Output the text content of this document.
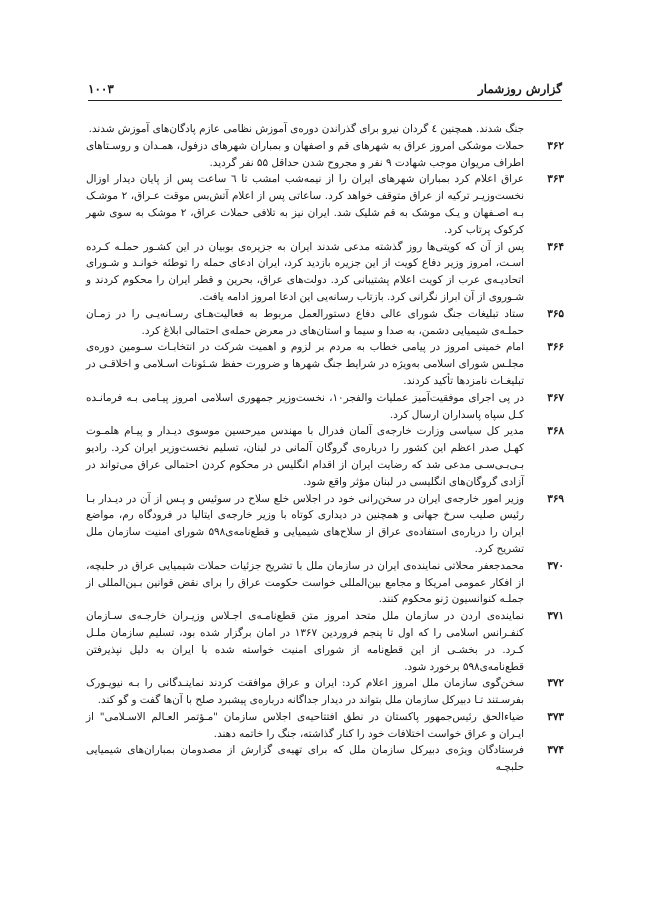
گزارش روزشمار
۱۰۰۳

جنگ شدند. همچنین ٤ گردان نیرو برای گذراندن دوره‌ی آموزش نظامی عازم پادگان‌های آموزش شدند.

۳۶۲
حملات موشکی امروز عراق به شهرهای قم و اصفهان و بمباران شهرهای دزفول، همـدان و روسـتاهای اطراف مریوان موجب شهادت ۹ نفر و مجروح شدن حداقل ۵۵ نفر گردید.
۳۶۳
عراق اعلام کرد بمباران شهرهای ایران را از نیمه‌شب امشب تا ٦ ساعت پس از پایان دیدار اوزال نخست‌وزیـر ترکیه از عراق متوقف خواهد کرد. ساعاتی پس از اعلام آتش‌بس موقت عـراق، ۲ موشـک بـه اصـفهان و یـک موشک به قم شلیک شد. ایران نیز به تلافی حملات عراق، ۲ موشک به سوی شهر کرکوک پرتاب کرد.
۳۶۴
پس از آن که کویتی‌ها روز گذشته مدعی شدند ایران به جزیره‌ی بوبیان در این کشـور حملـه کـرده اسـت، امروز وزیر دفاع کویت از این جزیره بازدید کرد، ایران ادعای حمله را توطئه خوانـد و شـورای اتحادیـه‌ی عرب از کویت اعلام پشتیبانی کرد. دولت‌های عراق، بحرین و قطر ایران را محکوم کردند و شـوروی از آن ابراز نگرانی کرد. بازتاب رسانه‌یی این ادعا امروز ادامه یافت.
۳۶۵
ستاد تبلیغات جنگ شورای عالی دفاع دستورالعمل مربوط به فعالیت‌هـای رسـانه‌یـی را در زمـان حملـه‌ی شیمیایی دشمن، به صدا و سیما و استان‌های در معرض حمله‌ی احتمالی ابلاغ کرد.
۳۶۶
امام خمینی امروز در پیامی خطاب به مردم بر لزوم و اهمیت شرکت در انتخابـات سـومین دوره‌ی مجلـس شورای اسلامی به‌ویژه در شرایط جنگ شهرها و ضرورت حفظ شـئونات اسـلامی و اخلاقـی در تبلیغـات نامزدها تأکید کردند.
۳۶۷
در پی اجرای موفقیت‌آمیز عملیات والفجر۱۰، نخست‌وزیر جمهوری اسلامی امروز پیـامی بـه فرمانـده کـل سپاه پاسداران ارسال کرد.
۳۶۸
مدیر کل سیاسی وزارت خارجه‌ی آلمان فدرال با مهندس میرحسین موسوی دیـدار و پیـام هلمـوت کهـل صدر اعظم این کشور را درباره‌ی گروگان آلمانی در لبنان، تسلیم نخست‌وزیر ایران کرد. رادیو بـی‌بـی‌سـی مدعی شد که رضایت ایران از اقدام انگلیس در محکوم کردن احتمالی عراق می‌تواند در آزادی گروگان‌های انگلیسی در لبنان مؤثر واقع شود.
۳۶۹
وزیر امور خارجه‌ی ایران در سخن‌رانی خود در اجلاس خلع سلاح در سوئیس و پـس از آن در دیـدار بـا رئیس صلیب سرخ جهانی و همچنین در دیداری کوتاه با وزیر خارجه‌ی ایتالیا در فرودگاه رم، مواضع ایران را درباره‌ی استفاده‌ی عراق از سلاح‌های شیمیایی و قطع‌نامه‌ی۵۹۸ شورای امنیت سازمان ملل تشریح کرد.
۳۷۰
محمدجعفر محلاتی نماینده‌ی ایران در سازمان ملل با تشریح جزئیات حملات شیمیایی عراق در حلبچه، از افکار عمومی امریکا و مجامع بین‌المللی خواست حکومت عراق را برای نقض قوانین بـین‌المللی از جملـه کنوانسیون ژنو محکوم کنند.
۳۷۱
نماینده‌ی اردن در سازمان ملل متحد امروز متن قطع‌نامـه‌ی اجـلاس وزیـران خارجـه‌ی سـازمان کنفـرانس اسلامی را که اول تا پنجم فروردین ۱۳۶۷ در امان برگزار شده بود، تسلیم سازمان ملـل کـرد. در بخشـی از این قطع‌نامه از شورای امنیت خواسته شده با ایران به دلیل نپذیرفتن قطع‌نامه‌ی۵۹۸ برخورد شود.
۳۷۲
سخن‌گوی سازمان ملل امروز اعلام کرد: ایران و عراق موافقت کردند نماینـدگانی را بـه نیویـورک بفرسـتند تـا دبیرکل سازمان ملل بتواند در دیدار جداگانه درباره‌ی پیشبرد صلح با آن‌ها گفت و گو کند.
۳۷۳
ضیاءالحق رئیس‌جمهور پاکستان در نطق افتتاحیه‌ی اجلاس سازمان "مـؤتمر العـالم الاسـلامی" از ایـران و عراق خواست اختلافات خود را کنار گذاشته، جنگ را خاتمه دهند.
۳۷۴
فرستادگان ویژه‌ی دبیرکل سازمان ملل که برای تهیه‌ی گزارش از مصدومان بمباران‌های شیمیایی حلبچـه
